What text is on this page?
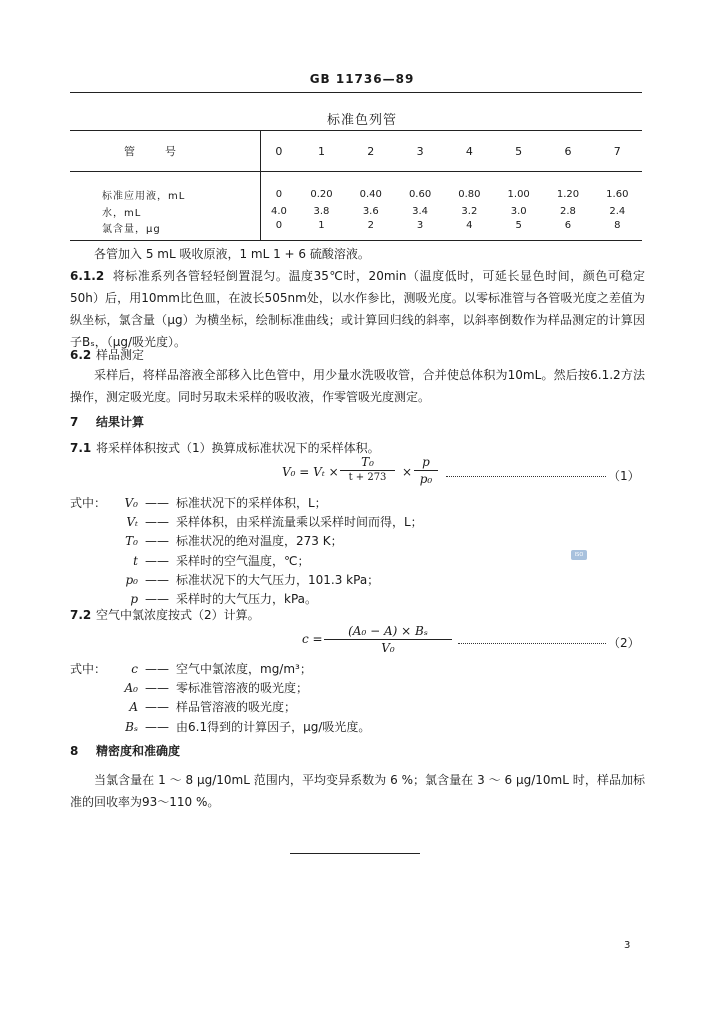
GB 11736—89
标准色列管
管号	0	1	2	3	4	5	6	7

标准应用液，mL	0	0.20	0.40	0.60	0.80	1.00	1.20	1.60
水，mL	4.0	3.8	3.6	3.4	3.2	3.0	2.8	2.4
氯含量，μg	0	1	2	3	4	5	6	8

各管加入 5 mL 吸收原液，1 mL 1 + 6 硫酸溶液。

6.1.2 将标准系列各管轻轻倒置混匀。温度35℃时，20min（温度低时，可延长显色时间，颜色可稳定50h）后，用10mm比色皿，在波长505nm处，以水作参比，测吸光度。以零标准管与各管吸光度之差值为纵坐标，氯含量（μg）为横坐标，绘制标准曲线；或计算回归线的斜率，以斜率倒数作为样品测定的计算因子Bₛ，（μg/吸光度）。

6.2 样品测定

采样后，将样品溶液全部移入比色管中，用少量水洗吸收管，合并使总体积为10mL。然后按6.1.2方法操作，测定吸光度。同时另取未采样的吸收液，作零管吸光度测定。

7 结果计算
7.1 将采样体积按式（1）换算成标准状况下的采样体积。
V₀ = Vₜ ×
T₀
t + 273	×
p
p₀	（1）
式中： V₀ —— 标准状况下的采样体积，L；
Vₜ —— 采样体积，由采样流量乘以采样时间而得，L；
T₀ —— 标准状况的绝对温度，273 K；
t —— 采样时的空气温度，℃；
p₀ —— 标准状况下的大气压力，101.3 kPa；
p —— 采样时的大气压力，kPa。
ISO
7.2 空气中氯浓度按式（2）计算。
c =
(A₀ − A) × Bₛ
V₀	（2）
式中： c —— 空气中氯浓度，mg/m³；
A₀ —— 零标准管溶液的吸光度；
A —— 样品管溶液的吸光度；
Bₛ —— 由6.1得到的计算因子，μg/吸光度。
8 精密度和准确度

当氯含量在 1 ～ 8 μg/10mL 范围内，平均变异系数为 6 %；氯含量在 3 ～ 6 μg/10mL 时，样品加标准的回收率为93～110 %。

3
